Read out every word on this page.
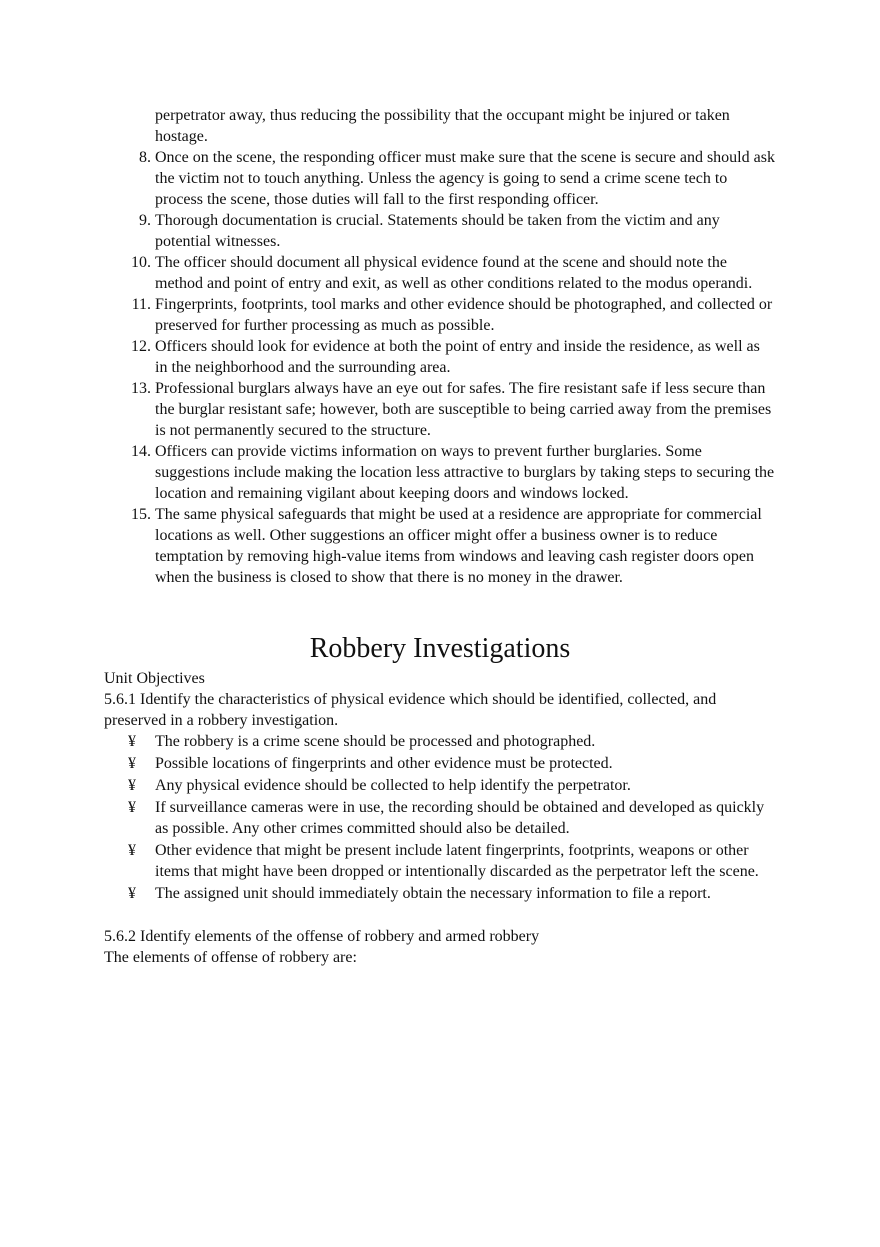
perpetrator away, thus reducing the possibility that the occupant might be injured or taken hostage.

8. Once on the scene, the responding officer must make sure that the scene is secure and should ask the victim not to touch anything. Unless the agency is going to send a crime scene tech to process the scene, those duties will fall to the first responding officer.
9. Thorough documentation is crucial. Statements should be taken from the victim and any potential witnesses.
10. The officer should document all physical evidence found at the scene and should note the method and point of entry and exit, as well as other conditions related to the modus operandi.
11. Fingerprints, footprints, tool marks and other evidence should be photographed, and collected or preserved for further processing as much as possible.
12. Officers should look for evidence at both the point of entry and inside the residence, as well as in the neighborhood and the surrounding area.
13. Professional burglars always have an eye out for safes. The fire resistant safe if less secure than the burglar resistant safe; however, both are susceptible to being carried away from the premises is not permanently secured to the structure.
14. Officers can provide victims information on ways to prevent further burglaries. Some suggestions include making the location less attractive to burglars by taking steps to securing the location and remaining vigilant about keeping doors and windows locked.
15. The same physical safeguards that might be used at a residence are appropriate for commercial locations as well. Other suggestions an officer might offer a business owner is to reduce temptation by removing high-value items from windows and leaving cash register doors open when the business is closed to show that there is no money in the drawer.
Robbery Investigations

Unit Objectives

5.6.1 Identify the characteristics of physical evidence which should be identified, collected, and preserved in a robbery investigation.

¥ The robbery is a crime scene should be processed and photographed.
¥ Possible locations of fingerprints and other evidence must be protected.
¥ Any physical evidence should be collected to help identify the perpetrator.
¥ If surveillance cameras were in use, the recording should be obtained and developed as quickly as possible. Any other crimes committed should also be detailed.
¥ Other evidence that might be present include latent fingerprints, footprints, weapons or other items that might have been dropped or intentionally discarded as the perpetrator left the scene.
¥ The assigned unit should immediately obtain the necessary information to file a report.

5.6.2 Identify elements of the offense of robbery and armed robbery

The elements of offense of robbery are:
